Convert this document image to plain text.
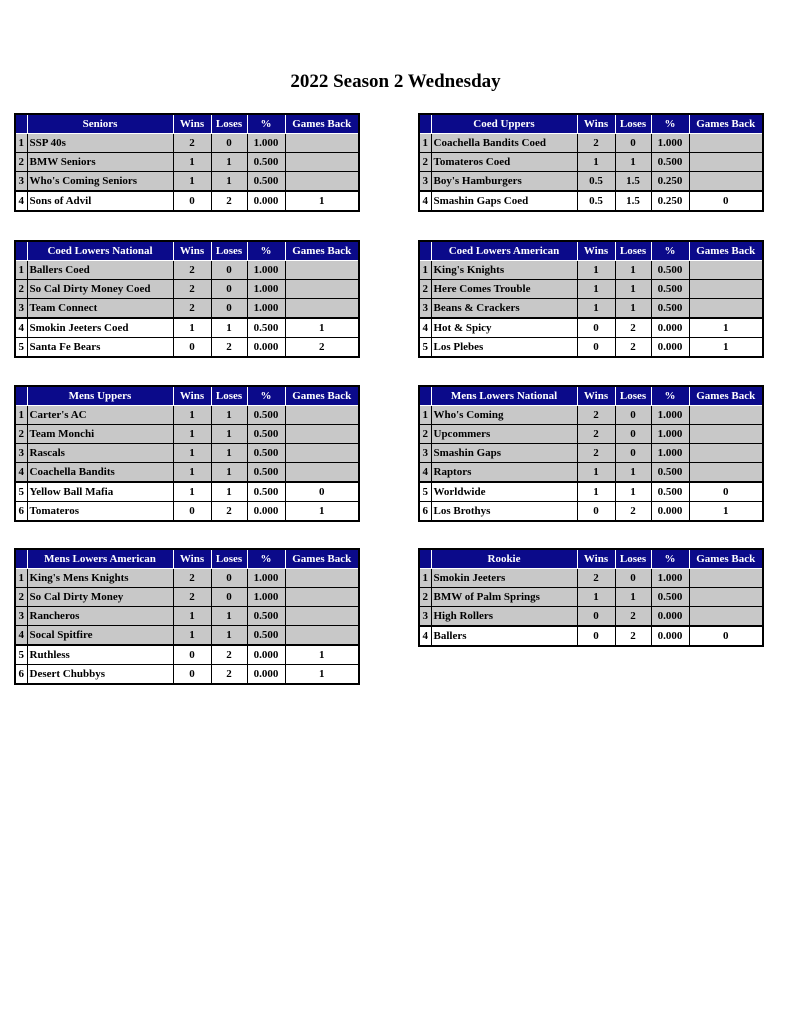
2022 Season 2 Wednesday
	Seniors	Wins	Loses	%	Games Back
1	SSP 40s	2	0	1.000	
2	BMW Seniors	1	1	0.500	
3	Who's Coming Seniors	1	1	0.500	
4	Sons of Advil	0	2	0.000	1
	Coed Uppers	Wins	Loses	%	Games Back
1	Coachella Bandits Coed	2	0	1.000	
2	Tomateros Coed	1	1	0.500	
3	Boy's Hamburgers	0.5	1.5	0.250	
4	Smashin Gaps Coed	0.5	1.5	0.250	0
	Coed Lowers National	Wins	Loses	%	Games Back
1	Ballers Coed	2	0	1.000	
2	So Cal Dirty Money Coed	2	0	1.000	
3	Team Connect	2	0	1.000	
4	Smokin Jeeters Coed	1	1	0.500	1
5	Santa Fe Bears	0	2	0.000	2
	Coed Lowers American	Wins	Loses	%	Games Back
1	King's Knights	1	1	0.500	
2	Here Comes Trouble	1	1	0.500	
3	Beans & Crackers	1	1	0.500	
4	Hot & Spicy	0	2	0.000	1
5	Los Plebes	0	2	0.000	1
	Mens Uppers	Wins	Loses	%	Games Back
1	Carter's AC	1	1	0.500	
2	Team Monchi	1	1	0.500	
3	Rascals	1	1	0.500	
4	Coachella Bandits	1	1	0.500	
5	Yellow Ball Mafia	1	1	0.500	0
6	Tomateros	0	2	0.000	1
	Mens Lowers National	Wins	Loses	%	Games Back
1	Who's Coming	2	0	1.000	
2	Upcommers	2	0	1.000	
3	Smashin Gaps	2	0	1.000	
4	Raptors	1	1	0.500	
5	Worldwide	1	1	0.500	0
6	Los Brothys	0	2	0.000	1
	Mens Lowers American	Wins	Loses	%	Games Back
1	King's Mens Knights	2	0	1.000	
2	So Cal Dirty Money	2	0	1.000	
3	Rancheros	1	1	0.500	
4	Socal Spitfire	1	1	0.500	
5	Ruthless	0	2	0.000	1
6	Desert Chubbys	0	2	0.000	1
	Rookie	Wins	Loses	%	Games Back
1	Smokin Jeeters	2	0	1.000	
2	BMW of Palm Springs	1	1	0.500	
3	High Rollers	0	2	0.000	
4	Ballers	0	2	0.000	0
